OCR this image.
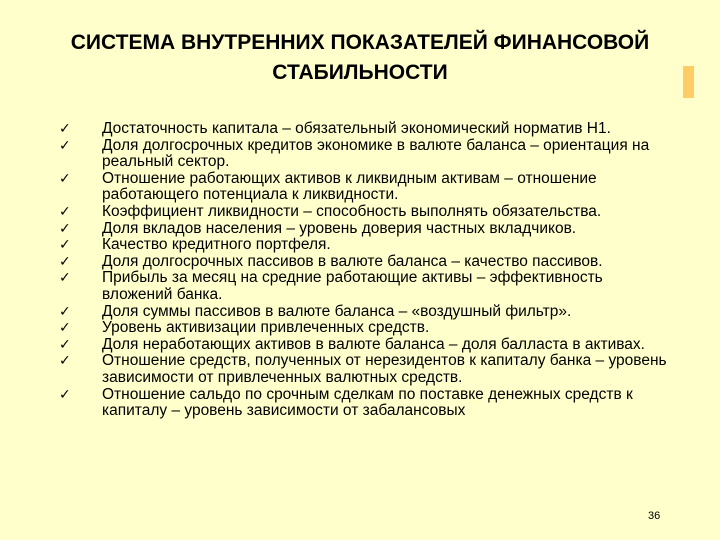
СИСТЕМА ВНУТРЕННИХ ПОКАЗАТЕЛЕЙ ФИНАНСОВОЙ
СТАБИЛЬНОСТИ
✓ Достаточность капитала – обязательный экономический норматив Н1.
✓ Доля долгосрочных кредитов экономике в валюте баланса – ориентация на реальный сектор.
✓ Отношение работающих активов к ликвидным активам – отношение работающего потенциала к ликвидности.
✓ Коэффициент ликвидности – способность выполнять обязательства.
✓ Доля вкладов населения – уровень доверия частных вкладчиков.
✓ Качество кредитного портфеля.
✓ Доля долгосрочных пассивов в валюте баланса – качество пассивов.
✓ Прибыль за месяц на средние работающие активы – эффективность вложений банка.
✓ Доля суммы пассивов в валюте баланса – «воздушный фильтр».
✓ Уровень активизации привлеченных средств.
✓ Доля неработающих активов в валюте баланса – доля балласта в активах.
✓ Отношение средств, полученных от нерезидентов к капиталу банка – уровень зависимости от привлеченных валютных средств.
✓ Отношение сальдо по срочным сделкам по поставке денежных средств к капиталу – уровень зависимости от забалансовых
36
